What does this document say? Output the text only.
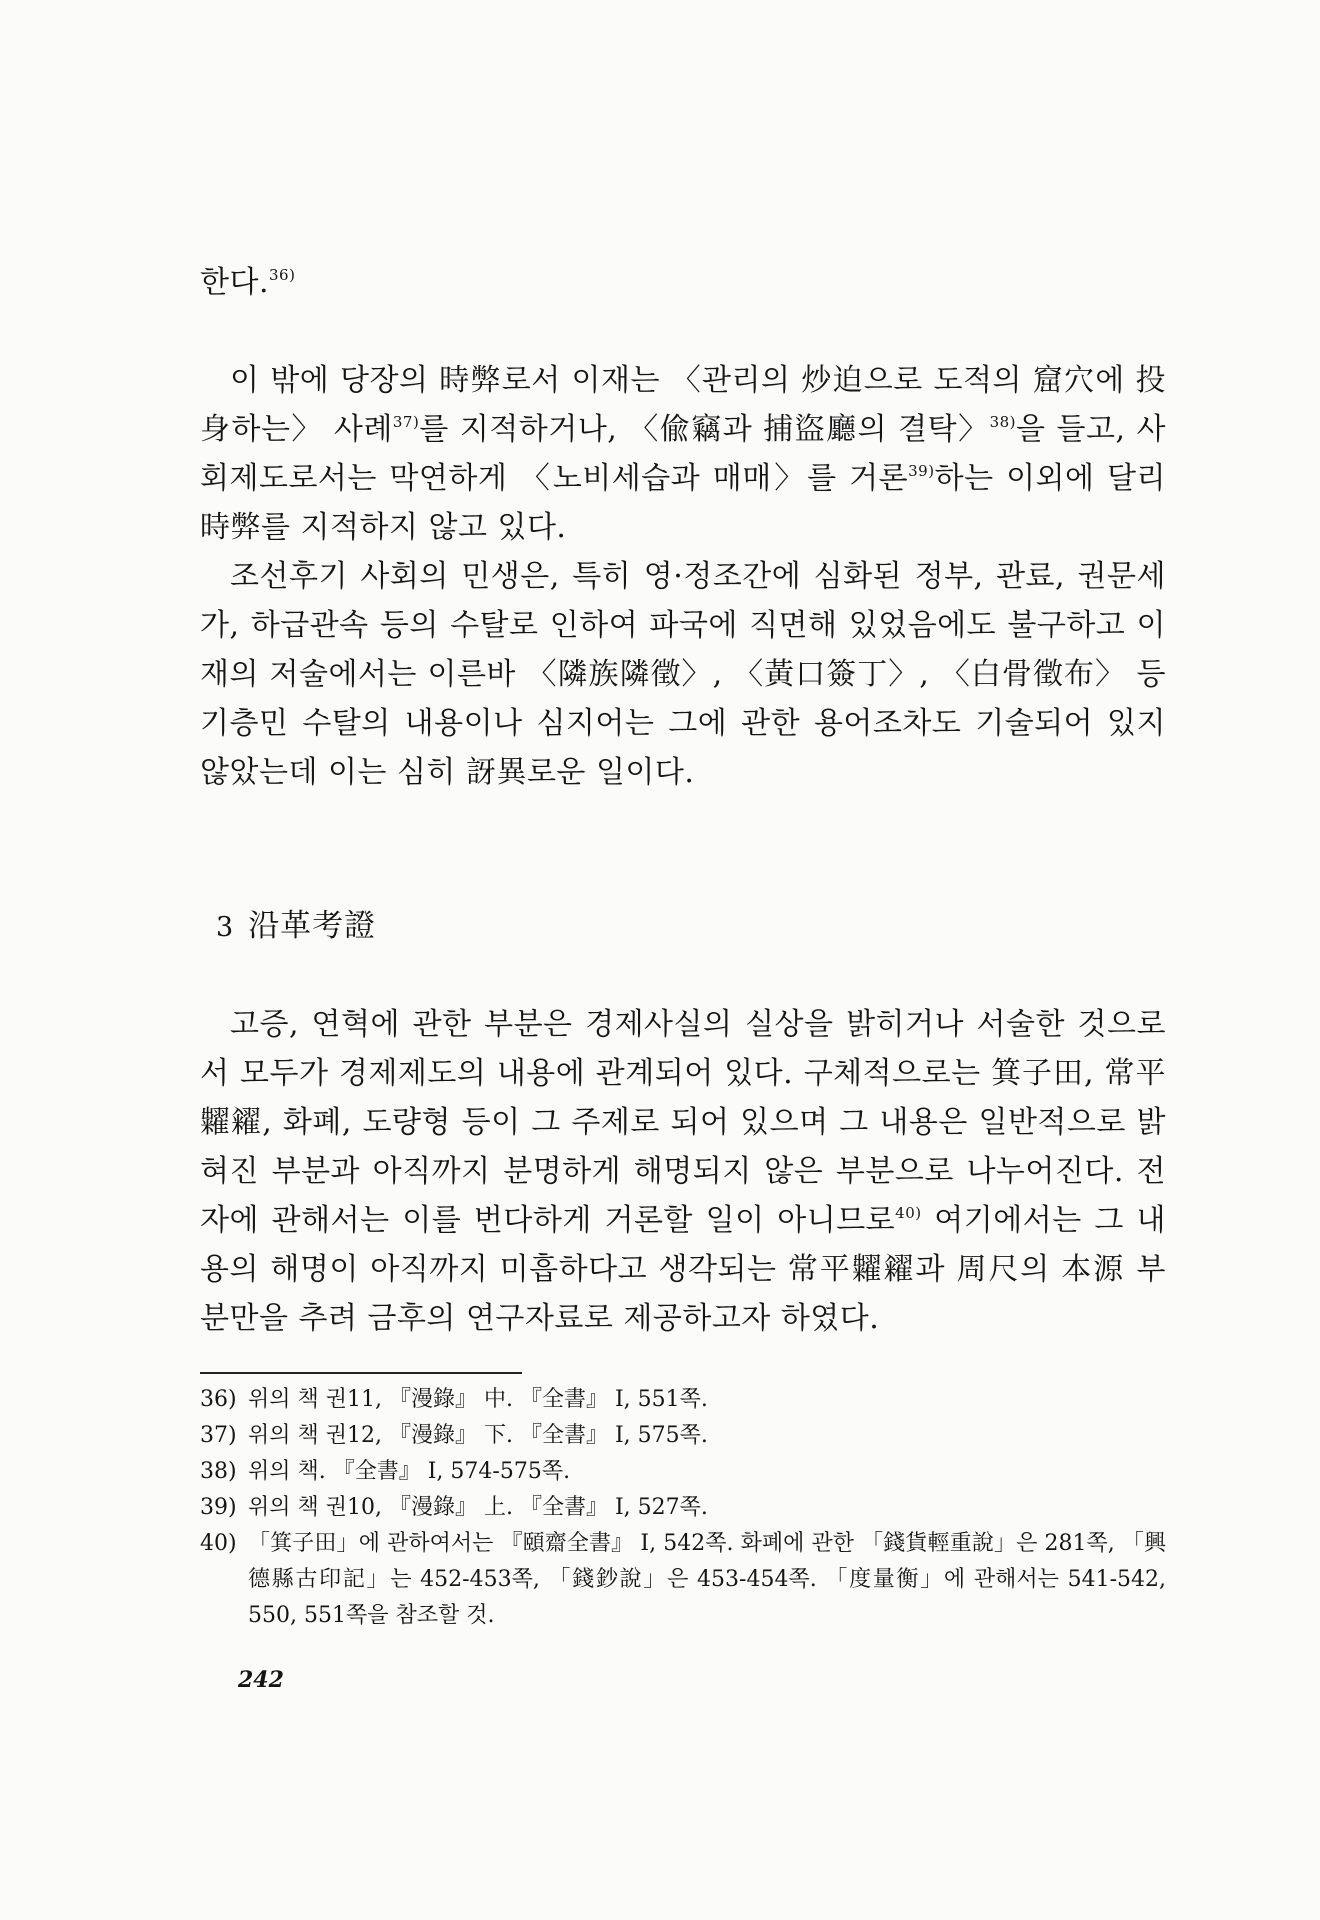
한다.$^{36)}$

이 밖에 당장의 時弊로서 이재는 〈관리의 炒迫으로 도적의 窟穴에 投身하는〉 사례$^{37)}$를 지적하거나, 〈偸竊과 捕盜廳의 결탁〉$^{38)}$을 들고, 사회제도로서는 막연하게 〈노비세습과 매매〉를 거론$^{39)}$하는 이외에 달리 時弊를 지적하지 않고 있다.

조선후기 사회의 민생은, 특히 영·정조간에 심화된 정부, 관료, 권문세가, 하급관속 등의 수탈로 인하여 파국에 직면해 있었음에도 불구하고 이재의 저술에서는 이른바 〈隣族隣徵〉, 〈黃口簽丁〉, 〈白骨徵布〉 등 기층민 수탈의 내용이나 심지어는 그에 관한 용어조차도 기술되어 있지 않았는데 이는 심히 訝異로운 일이다.

3 沿革考證

고증, 연혁에 관한 부분은 경제사실의 실상을 밝히거나 서술한 것으로서 모두가 경제제도의 내용에 관계되어 있다. 구체적으로는 箕子田, 常平糶糴, 화폐, 도량형 등이 그 주제로 되어 있으며 그 내용은 일반적으로 밝혀진 부분과 아직까지 분명하게 해명되지 않은 부분으로 나누어진다. 전자에 관해서는 이를 번다하게 거론할 일이 아니므로$^{40)}$ 여기에서는 그 내용의 해명이 아직까지 미흡하다고 생각되는 常平糶糴과 周尺의 本源 부분만을 추려 금후의 연구자료로 제공하고자 하였다.

36) 위의 책 권11, 『漫錄』 中. 『全書』 I, 551쪽.
37) 위의 책 권12, 『漫錄』 下. 『全書』 I, 575쪽.
38) 위의 책. 『全書』 I, 574-575쪽.
39) 위의 책 권10, 『漫錄』 上. 『全書』 I, 527쪽.
40) 「箕子田」에 관하여서는 『頤齋全書』 I, 542쪽. 화폐에 관한 「錢貨輕重說」은 281쪽, 「興德縣古印記」는 452-453쪽, 「錢鈔說」은 453-454쪽. 「度量衡」에 관해서는 541-542, 550, 551쪽을 참조할 것.
242
